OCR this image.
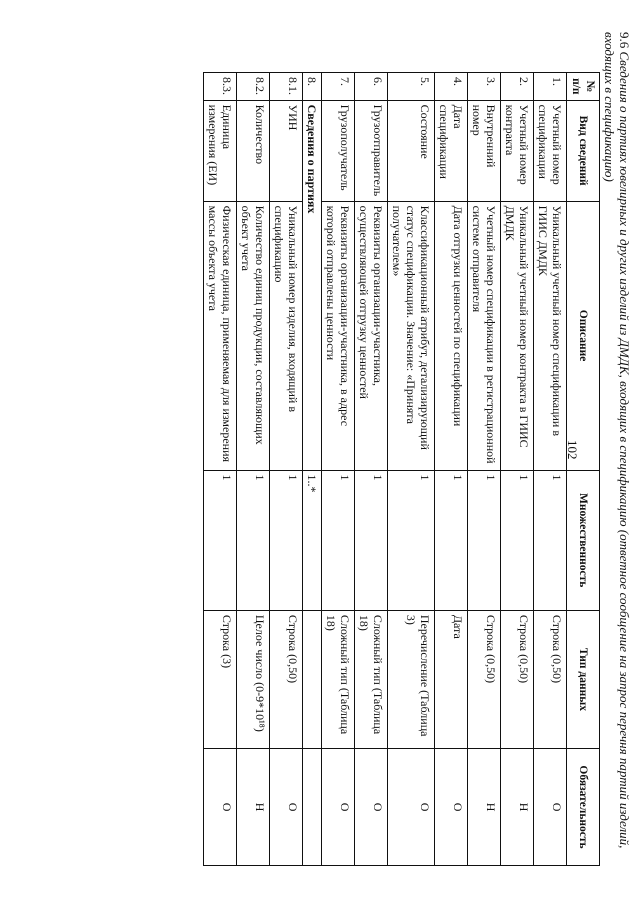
9.6 Сведения о партиях ювелирных и других изделий из ДМДК, входящих в спецификацию (ответное сообщение на запрос перечня партий изделий, входящих в спецификацию)
102
№ п/п	Вид сведений	Описание	Множественность	Тип данных	Обязательность
1.	Учетный номер спецификации	Уникальный учетный номер спецификации в ГИИС ДМДК	1	Строка (0,50)	О
2.	Учетный номер контракта	Уникальный учетный номер контракта в ГИИС ДМДК	1	Строка (0,50)	Н
3.	Внутренний номер	Учетный номер спецификации в регистрационной системе отправителя	1	Строка (0,50)	Н
4.	Дата спецификации	Дата отгрузки ценностей по спецификации	1	Дата	О
5.	Состояние	Классификационный атрибут, детализирующий статус спецификации. Значение: «Принята получателем»	1	Перечисление (Таблица 3)	О
6.	Грузоотправитель	Реквизиты организации-участника, осуществляющей отгрузку ценностей	1	Сложный тип (Таблица 18)	О
7.	Грузополучатель	Реквизиты организации-участника, в адрес которой отправлены ценности	1	Сложный тип (Таблица 18)	О
8.	Сведения о партиях		1..*		
8.1.	УИН	Уникальный номер изделия, входящий в спецификацию	1	Строка (0,50)	О
8.2.	Количество	Количество единиц продукции, составляющих объект учета	1	Целое число (0-9*10¹⁸)	Н
8.3.	Единица измерения (ЕИ)	Физическая единица, применяемая для измерения массы объекта учета	1	Строка (3)	О
